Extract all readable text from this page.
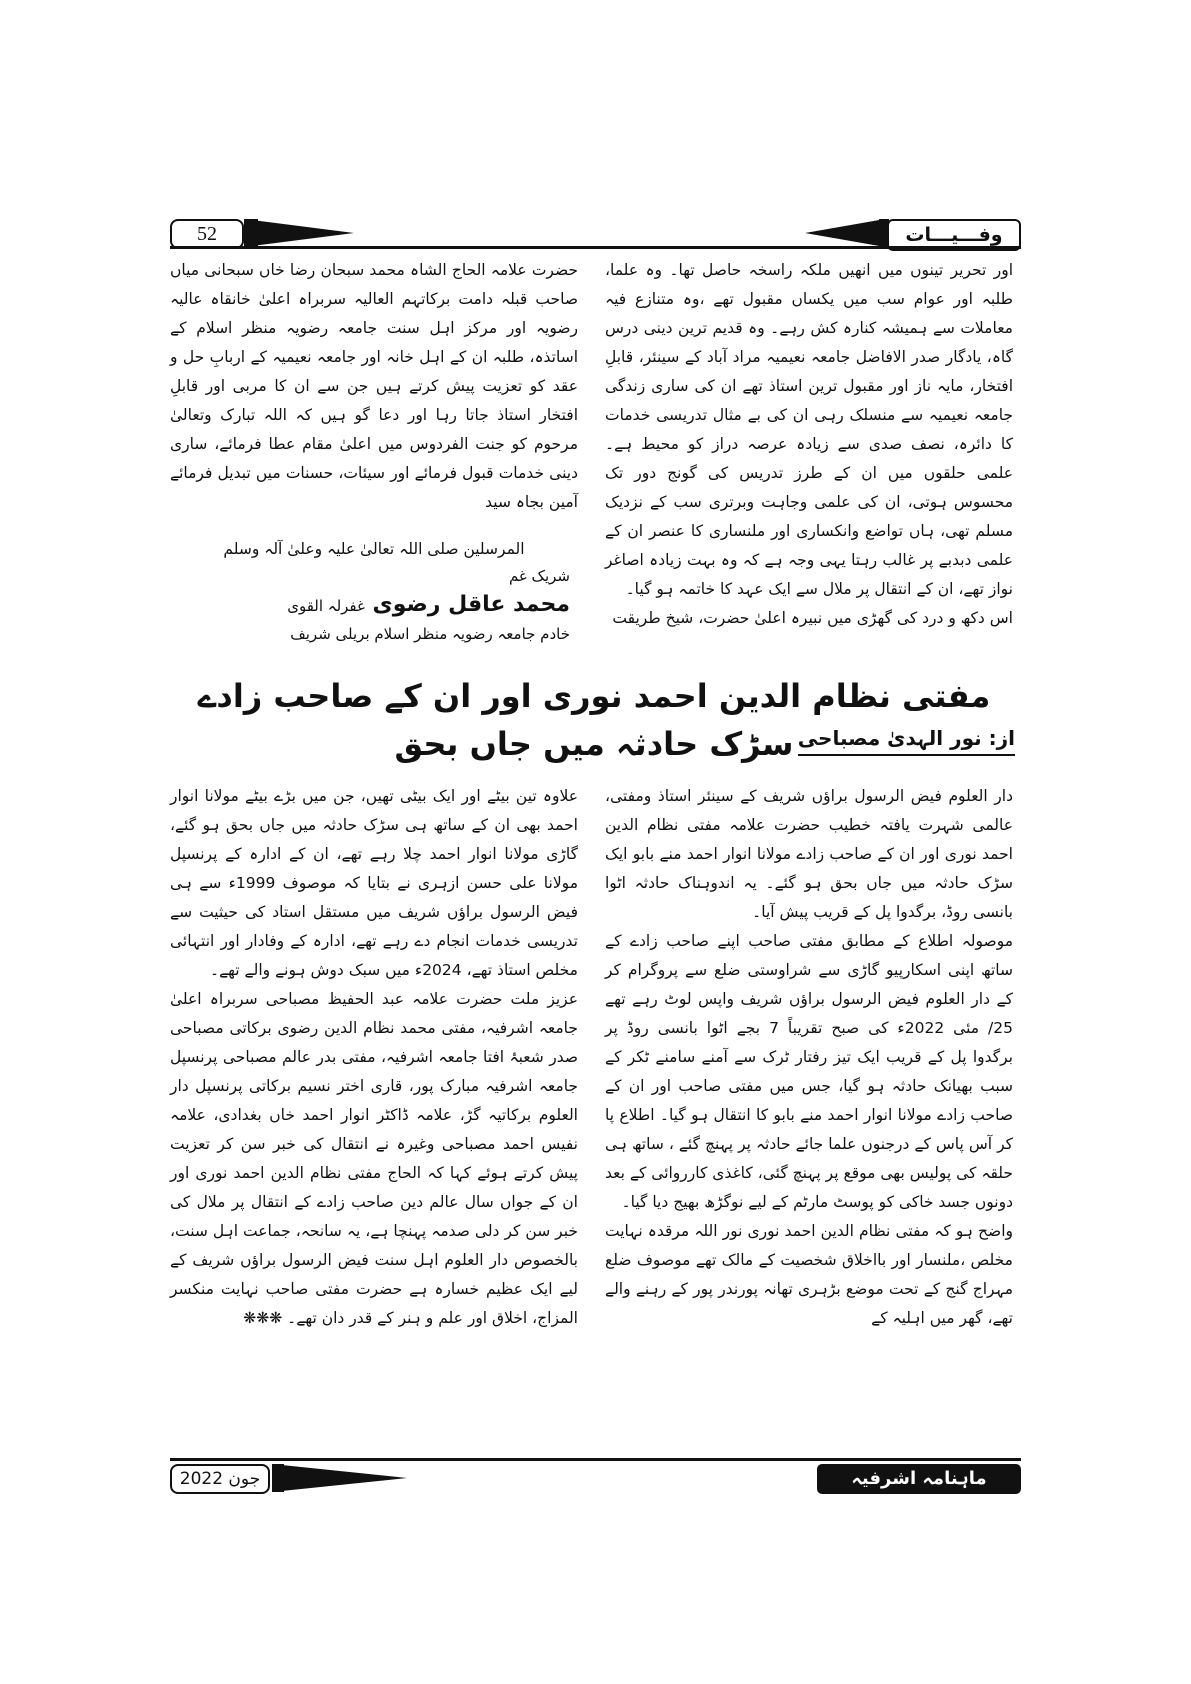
52	وفـــیـــات

اور تحریر تینوں میں انھیں ملکہ راسخہ حاصل تھا۔ وہ علما، طلبہ اور عوام سب میں یکساں مقبول تھے ،وہ متنازع فیہ معاملات سے ہمیشہ کنارہ کش رہے۔ وہ قدیم ترین دینی درس گاہ، یادگار صدر الافاضل جامعہ نعیمیہ مراد آباد کے سینئر، قابلِ افتخار، مایہ ناز اور مقبول ترین استاذ تھے ان کی ساری زندگی جامعہ نعیمیہ سے منسلک رہی ان کی بے مثال تدریسی خدمات کا دائرہ، نصف صدی سے زیادہ عرصہ دراز کو محیط ہے۔ علمی حلقوں میں ان کے طرز تدریس کی گونج دور تک محسوس ہوتی، ان کی علمی وجاہت وبرتری سب کے نزدیک مسلم تھی، ہاں تواضع وانکساری اور ملنساری کا عنصر ان کے علمی دبدبے پر غالب رہتا یہی وجہ ہے کہ وہ بہت زیادہ اصاغر نواز تھے، ان کے انتقال پر ملال سے ایک عہد کا خاتمہ ہو گیا۔

اس دکھ و درد کی گھڑی میں نبیرہ اعلیٰ حضرت، شیخ طریقت

حضرت علامہ الحاج الشاہ محمد سبحان رضا خاں سبحانی میاں صاحب قبلہ دامت برکاتہم العالیہ سربراہ اعلیٰ خانقاہ عالیہ رضویہ اور مرکز اہل سنت جامعہ رضویہ منظر اسلام کے اساتذہ، طلبہ ان کے اہل خانہ اور جامعہ نعیمیہ کے اربابِ حل و عقد کو تعزیت پیش کرتے ہیں جن سے ان کا مربی اور قابلِ افتخار استاذ جاتا رہا اور دعا گو ہیں کہ اللہ تبارک وتعالیٰ مرحوم کو جنت الفردوس میں اعلیٰ مقام عطا فرمائے، ساری دینی خدمات قبول فرمائے اور سیئات، حسنات میں تبدیل فرمائے آمین بجاہ سید

المرسلین صلی اللہ تعالیٰ علیہ وعلیٰ آلہ وسلم
شریک غم
محمد عاقل رضوی غفرلہ القوی
خادم جامعہ رضویہ منظر اسلام بریلی شریف
مفتی نظام الدین احمد نوری اور ان کے صاحب زادے سڑک حادثہ میں جاں بحق از: نور الہدیٰ مصباحی

دار العلوم فیض الرسول براؤں شریف کے سینئر استاذ ومفتی، عالمی شہرت یافتہ خطیب حضرت علامہ مفتی نظام الدین احمد نوری اور ان کے صاحب زادے مولانا انوار احمد منے بابو ایک سڑک حادثہ میں جاں بحق ہو گئے۔ یہ اندوہناک حادثہ اٹوا بانسی روڈ، برگدوا پل کے قریب پیش آیا۔

موصولہ اطلاع کے مطابق مفتی صاحب اپنے صاحب زادے کے ساتھ اپنی اسکارپیو گاڑی سے شراوستی ضلع سے پروگرام کر کے دار العلوم فیض الرسول براؤں شریف واپس لوٹ رہے تھے 25/ مئی 2022ء کی صبح تقریباً 7 بجے اٹوا بانسی روڈ پر برگدوا پل کے قریب ایک تیز رفتار ٹرک سے آمنے سامنے ٹکر کے سبب بھیانک حادثہ ہو گیا، جس میں مفتی صاحب اور ان کے صاحب زادے مولانا انوار احمد منے بابو کا انتقال ہو گیا۔ اطلاع پا کر آس پاس کے درجنوں علما جائے حادثہ پر پہنچ گئے ، ساتھ ہی حلقہ کی پولیس بھی موقع پر پہنچ گئی، کاغذی کارروائی کے بعد دونوں جسد خاکی کو پوسٹ مارٹم کے لیے نوگڑھ بھیج دیا گیا۔

واضح ہو کہ مفتی نظام الدین احمد نوری نور اللہ مرقدہ نہایت مخلص ،ملنسار اور بااخلاق شخصیت کے مالک تھے موصوف ضلع مہراج گنج کے تحت موضع بڑہری تھانہ پورندر پور کے رہنے والے تھے، گھر میں اہلیہ کے

علاوہ تین بیٹے اور ایک بیٹی تھیں، جن میں بڑے بیٹے مولانا انوار احمد بھی ان کے ساتھ ہی سڑک حادثہ میں جاں بحق ہو گئے، گاڑی مولانا انوار احمد چلا رہے تھے، ان کے ادارہ کے پرنسپل مولانا علی حسن ازہری نے بتایا کہ موصوف 1999ء سے ہی فیض الرسول براؤں شریف میں مستقل استاد کی حیثیت سے تدریسی خدمات انجام دے رہے تھے، ادارہ کے وفادار اور انتہائی مخلص استاذ تھے، 2024ء میں سبک دوش ہونے والے تھے۔

عزیز ملت حضرت علامہ عبد الحفیظ مصباحی سربراہ اعلیٰ جامعہ اشرفیہ، مفتی محمد نظام الدین رضوی برکاتی مصباحی صدر شعبۂ افتا جامعہ اشرفیہ، مفتی بدر عالم مصباحی پرنسپل جامعہ اشرفیہ مبارک پور، قاری اختر نسیم برکاتی پرنسپل دار العلوم برکاتیہ گڑ، علامہ ڈاکٹر انوار احمد خاں بغدادی، علامہ نفیس احمد مصباحی وغیرہ نے انتقال کی خبر سن کر تعزیت پیش کرتے ہوئے کہا کہ الحاج مفتی نظام الدین احمد نوری اور ان کے جواں سال عالم دین صاحب زادے کے انتقال پر ملال کی خبر سن کر دلی صدمہ پہنچا ہے، یہ سانحہ، جماعت اہل سنت، بالخصوص دار العلوم اہل سنت فیض الرسول براؤں شریف کے لیے ایک عظیم خسارہ ہے حضرت مفتی صاحب نہایت منکسر المزاج، اخلاق اور علم و ہنر کے قدر دان تھے۔ ❋❋❋

جون 2022	ماہنامہ اشرفیہ
